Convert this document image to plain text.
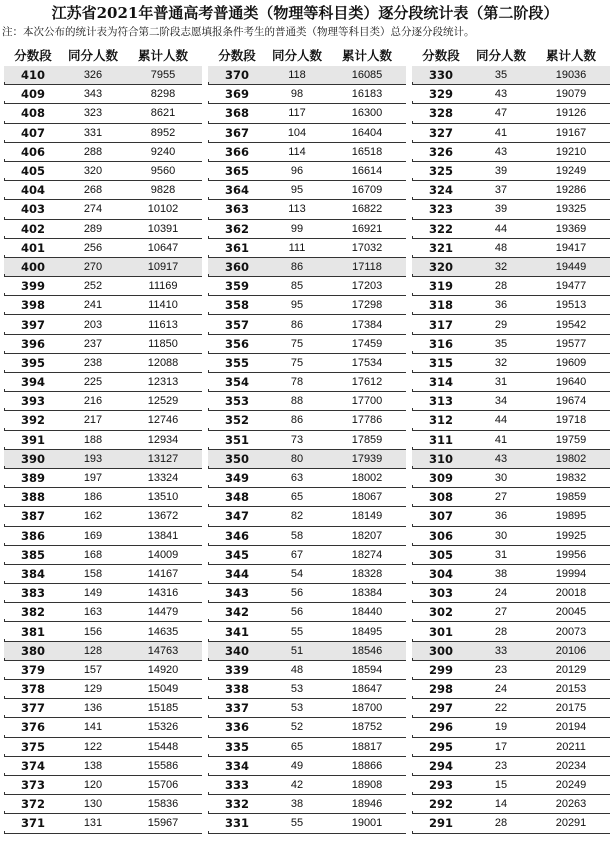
江苏省2021年普通高考普通类（物理等科目类）逐分段统计表（第二阶段）
注：本次公布的统计表为符合第二阶段志愿填报条件考生的普通类（物理等科目类）总分逐分段统计。
分数段	同分人数	累计人数
410	326	7955
409	343	8298
408	323	8621
407	331	8952
406	288	9240
405	320	9560
404	268	9828
403	274	10102
402	289	10391
401	256	10647
400	270	10917
399	252	11169
398	241	11410
397	203	11613
396	237	11850
395	238	12088
394	225	12313
393	216	12529
392	217	12746
391	188	12934
390	193	13127
389	197	13324
388	186	13510
387	162	13672
386	169	13841
385	168	14009
384	158	14167
383	149	14316
382	163	14479
381	156	14635
380	128	14763
379	157	14920
378	129	15049
377	136	15185
376	141	15326
375	122	15448
374	138	15586
373	120	15706
372	130	15836
371	131	15967
分数段	同分人数	累计人数
370	118	16085
369	98	16183
368	117	16300
367	104	16404
366	114	16518
365	96	16614
364	95	16709
363	113	16822
362	99	16921
361	111	17032
360	86	17118
359	85	17203
358	95	17298
357	86	17384
356	75	17459
355	75	17534
354	78	17612
353	88	17700
352	86	17786
351	73	17859
350	80	17939
349	63	18002
348	65	18067
347	82	18149
346	58	18207
345	67	18274
344	54	18328
343	56	18384
342	56	18440
341	55	18495
340	51	18546
339	48	18594
338	53	18647
337	53	18700
336	52	18752
335	65	18817
334	49	18866
333	42	18908
332	38	18946
331	55	19001
分数段	同分人数	累计人数
330	35	19036
329	43	19079
328	47	19126
327	41	19167
326	43	19210
325	39	19249
324	37	19286
323	39	19325
322	44	19369
321	48	19417
320	32	19449
319	28	19477
318	36	19513
317	29	19542
316	35	19577
315	32	19609
314	31	19640
313	34	19674
312	44	19718
311	41	19759
310	43	19802
309	30	19832
308	27	19859
307	36	19895
306	30	19925
305	31	19956
304	38	19994
303	24	20018
302	27	20045
301	28	20073
300	33	20106
299	23	20129
298	24	20153
297	22	20175
296	19	20194
295	17	20211
294	23	20234
293	15	20249
292	14	20263
291	28	20291
